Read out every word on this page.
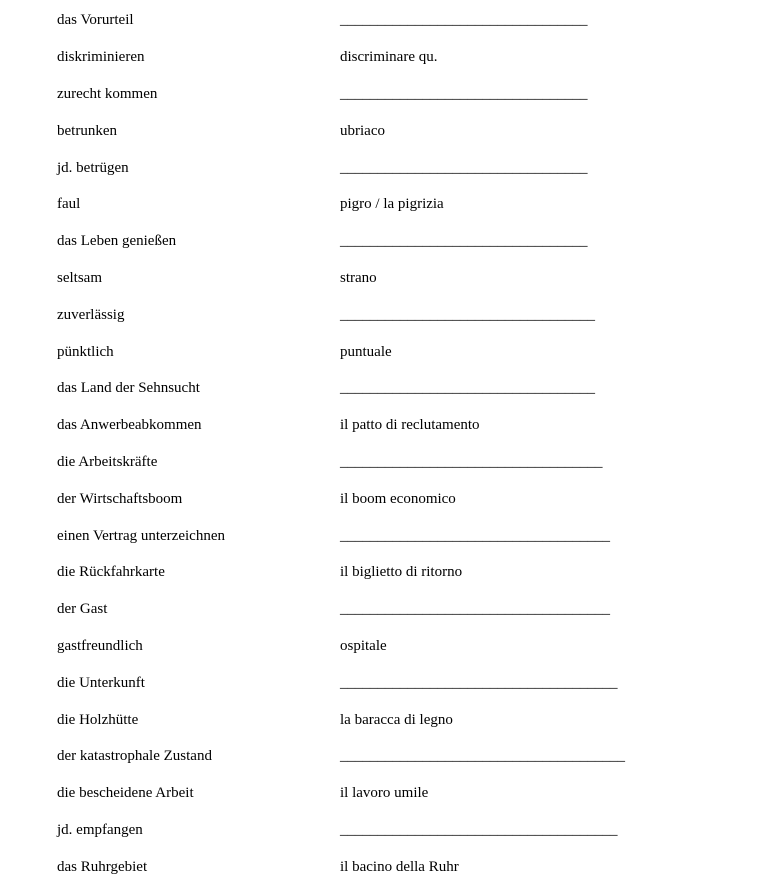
das Vorurteil	_________________________________
diskriminieren	discriminare qu.
zurecht kommen	_________________________________
betrunken	ubriaco
jd. betrügen	_________________________________
faul	pigro / la pigrizia
das Leben genießen	_________________________________
seltsam	strano
zuverlässig	__________________________________
pünktlich	puntuale
das Land der Sehnsucht	__________________________________
das Anwerbeabkommen	il patto di reclutamento
die Arbeitskräfte	___________________________________
der Wirtschaftsboom	il boom economico
einen Vertrag unterzeichnen	____________________________________
die Rückfahrkarte	il biglietto di ritorno
der Gast	____________________________________
gastfreundlich	ospitale
die Unterkunft	_____________________________________
die Holzhütte	la baracca di legno
der katastrophale Zustand	______________________________________
die bescheidene Arbeit	il lavoro umile
jd. empfangen	_____________________________________
das Ruhrgebiet	il bacino della Ruhr
